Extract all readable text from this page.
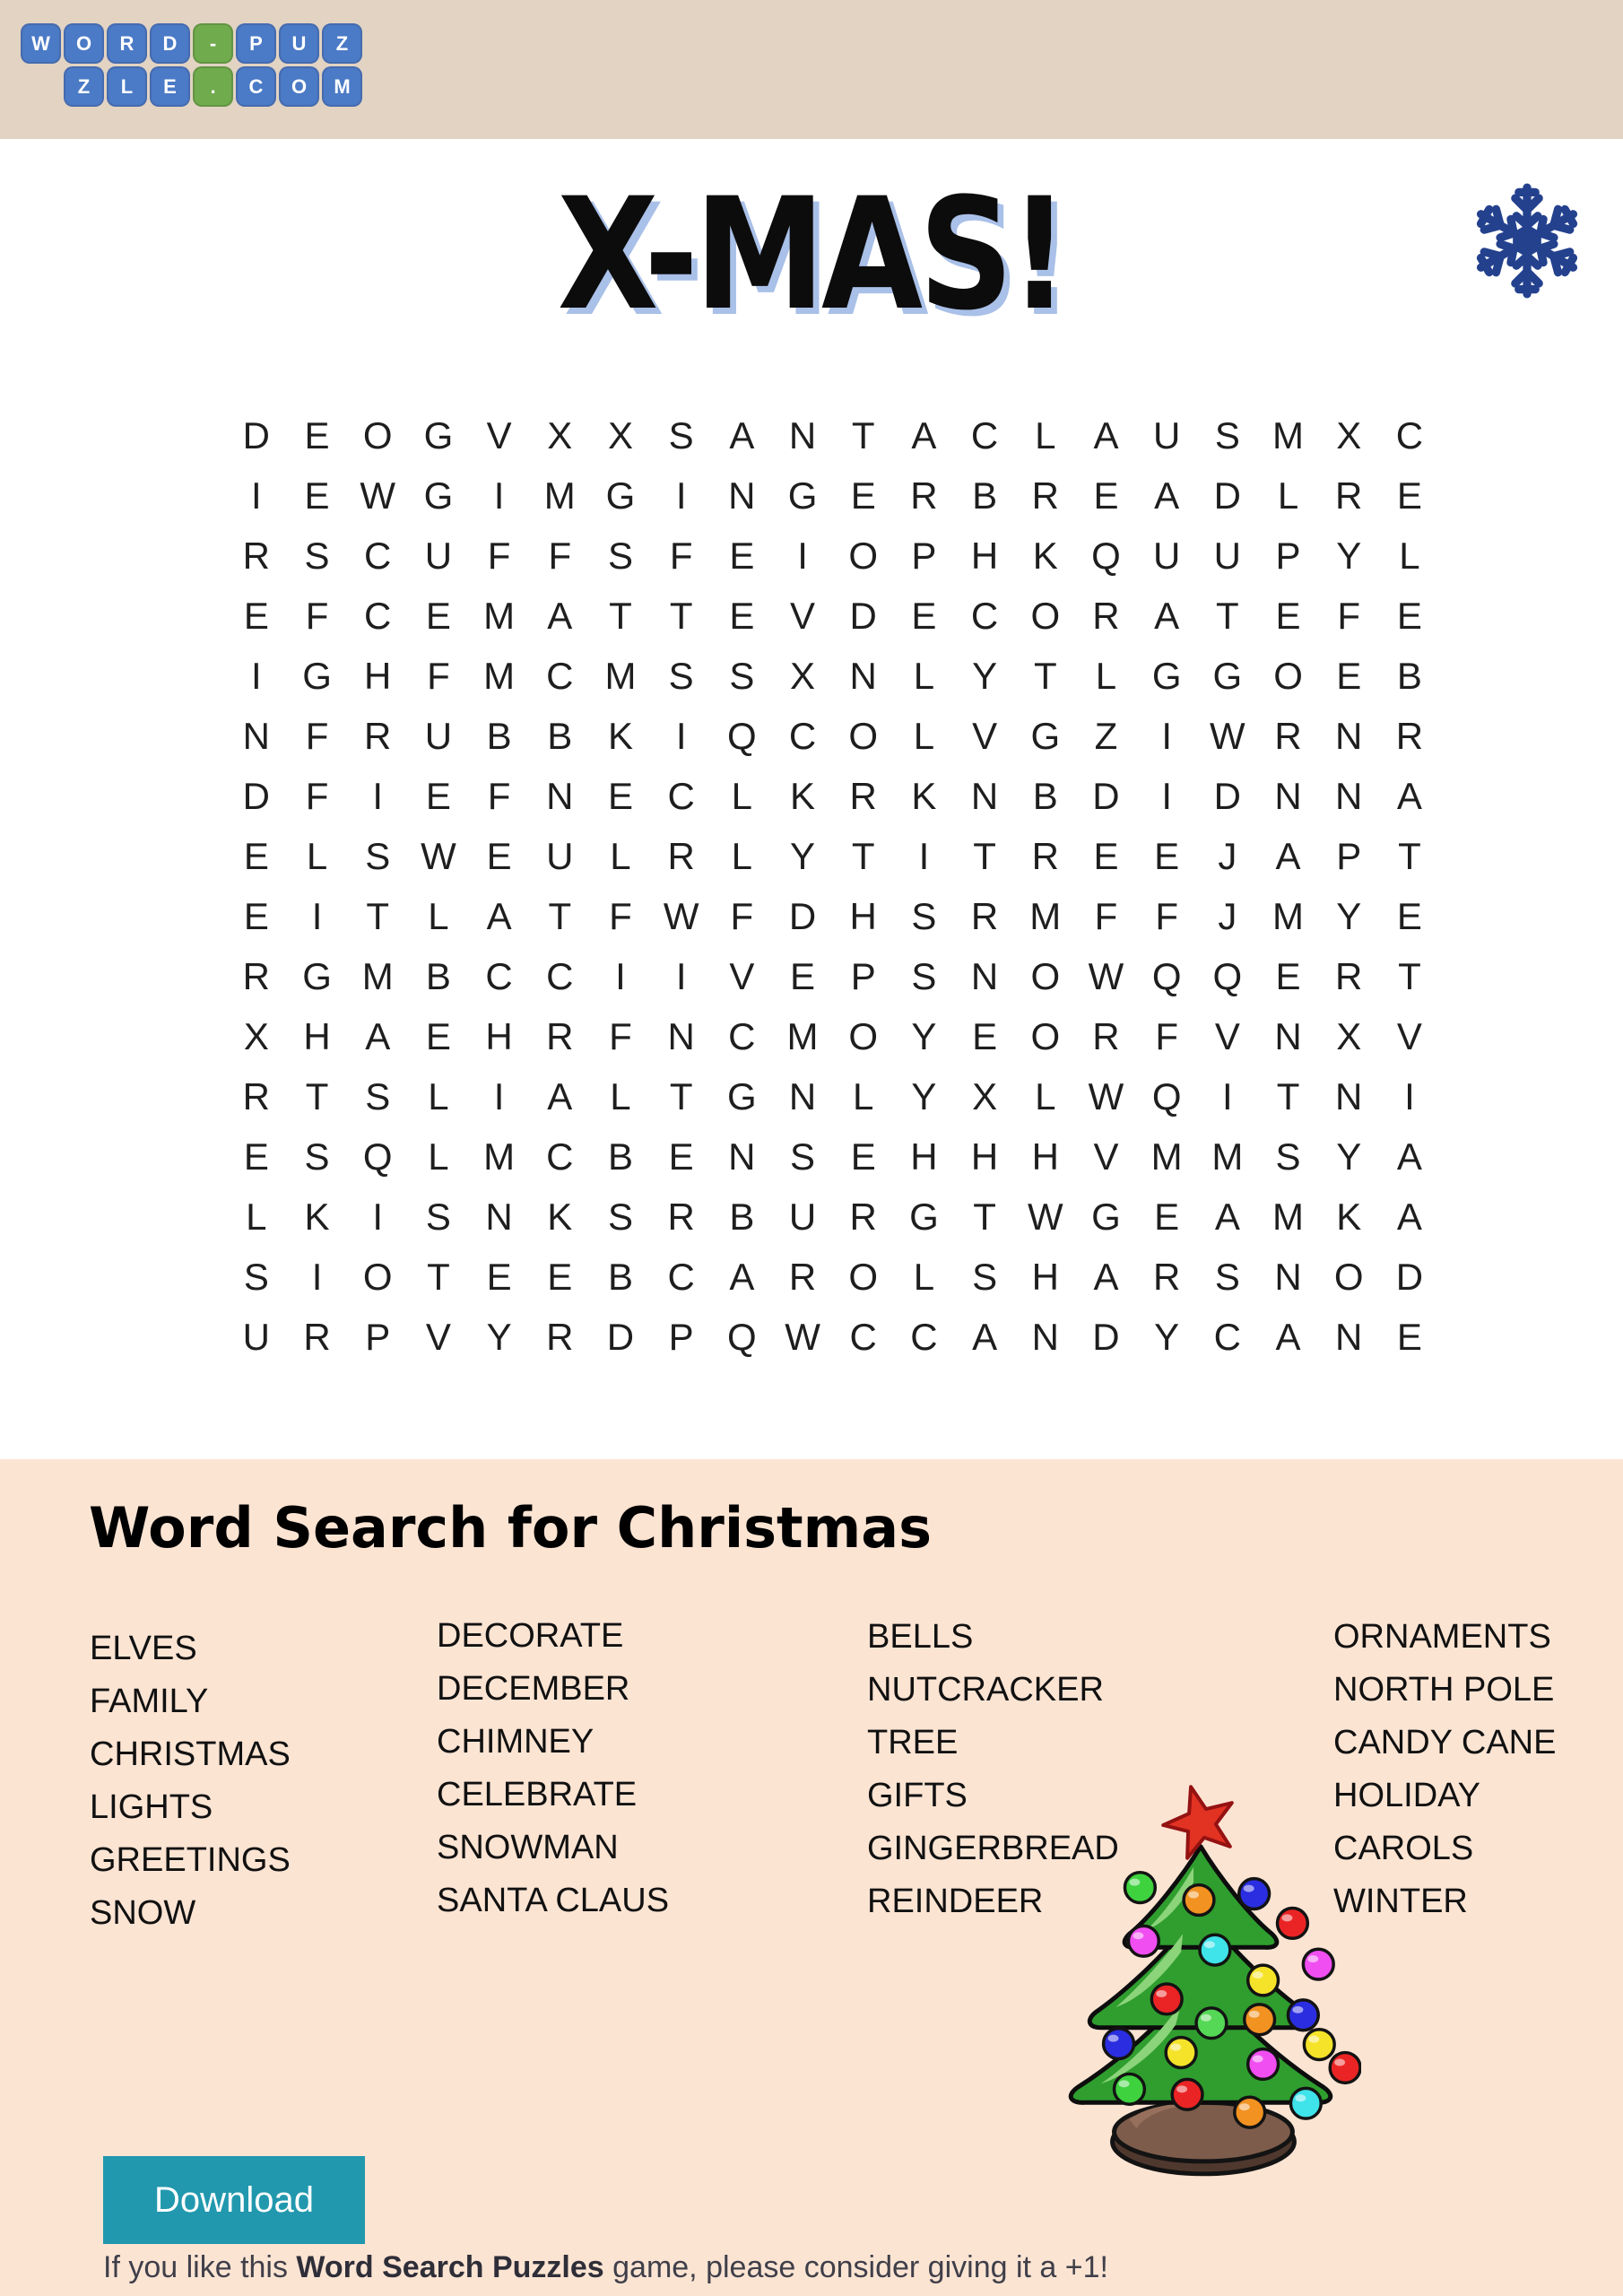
W	O	R	D	-	P	U	Z
Z	L	E	.	C	O	M
X-MAS!
D E O G V X X S A N T A C L	A U S M X C
I	E W G	I	M G	I	N G E R B R E A D L R E
R S C U F	F S F E	I	O P H K Q U U P Y	L
E F C E M A T	T E V D E C O R A T E F E
I	G H F M C M S S X N L	Y T	L G G O E B
N F R U B B K	I	Q C O L	V G Z	I	W R N R
D F	I	E F N E C L	K R K N B D	I	D N N A
E	L	S W E U L R L	Y T	I	T R E E	J	A P T
E	I	T	L	A T	F W F D H S R M F	F	J M Y E
R G M B C C	I	I	V E P S N O W Q Q E R T
X H A E H R F N C M O Y E O R F V N X V
R T S	L	I	A	L	T G N L	Y X	L W Q	I	T N	I
E S Q L M C B E N S E H H H V M M S Y A
L	K	I	S N K S R B U R G T W G E A M K A
S	I	O T E E B C A R O L	S H A R S N O D
U R P V Y R D P Q W C C A N D Y C A N E
Word Search for Christmas
ELVES
FAMILY
CHRISTMAS
LIGHTS
GREETINGS
SNOW
DECORATE
DECEMBER
CHIMNEY
CELEBRATE
SNOWMAN
SANTA CLAUS
BELLS
NUTCRACKER
TREE
GIFTS
GINGERBREAD
REINDEER
ORNAMENTS
NORTH POLE
CANDY CANE
HOLIDAY
CAROLS
WINTER
Download

If you like this Word Search Puzzles game, please consider giving it a +1!
